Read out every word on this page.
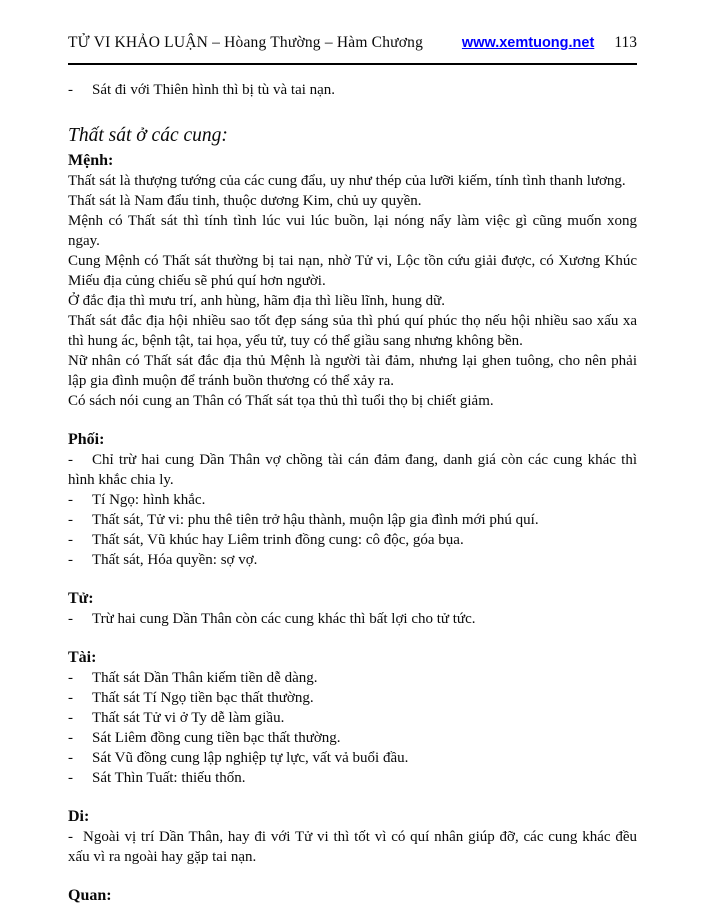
TỬ VI KHẢO LUẬN – Hòang Thường – Hàm Chương	www.xemtuong.net 113
- Sát đi với Thiên hình thì bị tù và tai nạn.
Thất sát ở các cung:
Mệnh:

Thất sát là thượng tướng của các cung đẩu, uy như thép của lưỡi kiếm, tính tình thanh lương.

Thất sát là Nam đẩu tinh, thuộc dương Kim, chủ uy quyền.

Mệnh có Thất sát thì tính tình lúc vui lúc buồn, lại nóng nẩy làm việc gì cũng muốn xong ngay.

Cung Mệnh có Thất sát thường bị tai nạn, nhờ Tử vi, Lộc tồn cứu giải được, có Xương Khúc Miếu địa củng chiếu sẽ phú quí hơn người.

Ở đắc địa thì mưu trí, anh hùng, hãm địa thì liều lĩnh, hung dữ.

Thất sát đắc địa hội nhiều sao tốt đẹp sáng sủa thì phú quí phúc thọ nếu hội nhiều sao xấu xa thì hung ác, bệnh tật, tai họa, yểu tử, tuy có thể giầu sang nhưng không bền.

Nữ nhân có Thất sát đắc địa thủ Mệnh là người tài đảm, nhưng lại ghen tuông, cho nên phải lập gia đình muộn để tránh buồn thương có thể xảy ra.

Có sách nói cung an Thân có Thất sát tọa thủ thì tuổi thọ bị chiết giảm.

Phối:
- Chỉ trừ hai cung Dần Thân vợ chồng tài cán đảm đang, danh giá còn các cung khác thì hình khắc chia ly.
- Tí Ngọ: hình khắc.
- Thất sát, Tử vi: phu thê tiên trở hậu thành, muộn lập gia đình mới phú quí.
- Thất sát, Vũ khúc hay Liêm trinh đồng cung: cô độc, góa bụa.
- Thất sát, Hóa quyền: sợ vợ.
Tử:
- Trừ hai cung Dần Thân còn các cung khác thì bất lợi cho tử tức.
Tài:
- Thất sát Dần Thân kiếm tiền dễ dàng.
- Thất sát Tí Ngọ tiền bạc thất thường.
- Thất sát Tử vi ở Ty dễ làm giầu.
- Sát Liêm đồng cung tiền bạc thất thường.
- Sát Vũ đồng cung lập nghiệp tự lực, vất vả buổi đầu.
- Sát Thìn Tuất: thiếu thốn.
Di:
- Ngoài vị trí Dần Thân, hay đi với Tử vi thì tốt vì có quí nhân giúp đỡ, các cung khác đều xấu vì ra ngoài hay gặp tai nạn.
Quan:
